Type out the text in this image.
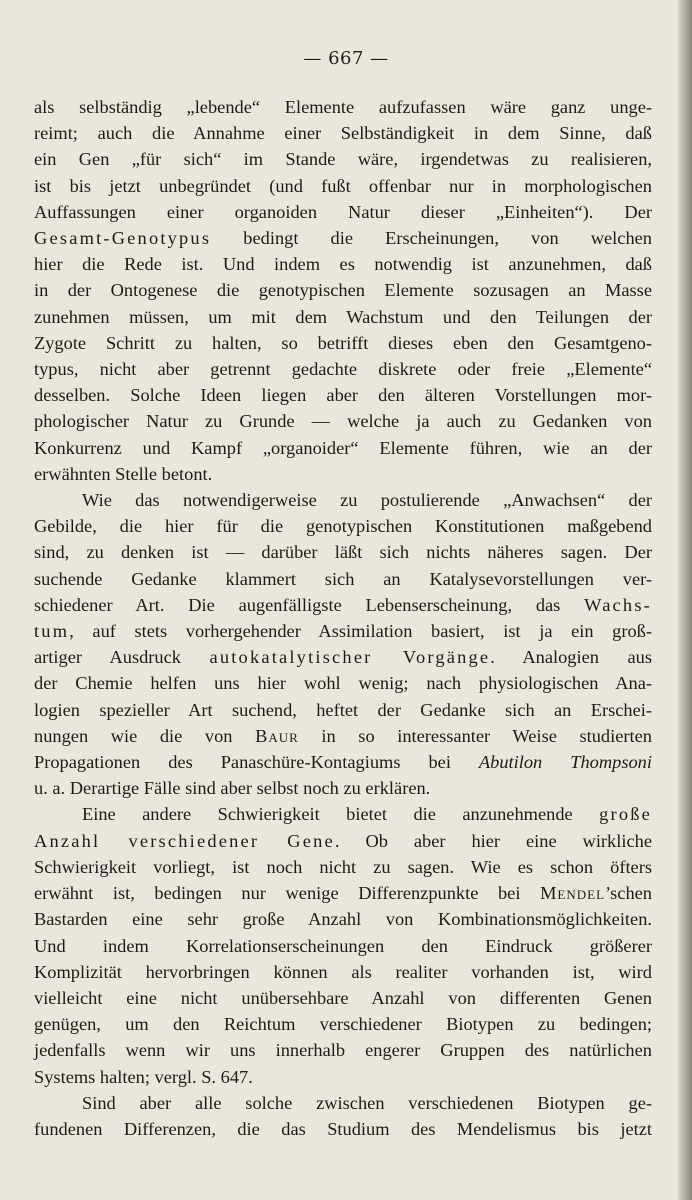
— 667 —

als selbständig „lebende“ Elemente aufzufassen wäre ganz unge-

reimt; auch die Annahme einer Selbständigkeit in dem Sinne, daß

ein Gen „für sich“ im Stande wäre, irgendetwas zu realisieren,

ist bis jetzt unbegründet (und fußt offenbar nur in morphologischen

Auffassungen einer organoiden Natur dieser „Einheiten“). Der

Gesamt-Genotypus bedingt die Erscheinungen, von welchen

hier die Rede ist. Und indem es notwendig ist anzunehmen, daß

in der Ontogenese die genotypischen Elemente sozusagen an Masse

zunehmen müssen, um mit dem Wachstum und den Teilungen der

Zygote Schritt zu halten, so betrifft dieses eben den Gesamtgeno-

typus, nicht aber getrennt gedachte diskrete oder freie „Elemente“

desselben. Solche Ideen liegen aber den älteren Vorstellungen mor-

phologischer Natur zu Grunde — welche ja auch zu Gedanken von

Konkurrenz und Kampf „organoider“ Elemente führen, wie an der

erwähnten Stelle betont.

Wie das notwendigerweise zu postulierende „Anwachsen“ der

Gebilde, die hier für die genotypischen Konstitutionen maßgebend

sind, zu denken ist — darüber läßt sich nichts näheres sagen. Der

suchende Gedanke klammert sich an Katalysevorstellungen ver-

schiedener Art. Die augenfälligste Lebenserscheinung, das Wachs-

tum, auf stets vorhergehender Assimilation basiert, ist ja ein groß-

artiger Ausdruck autokatalytischer Vorgänge. Analogien aus

der Chemie helfen uns hier wohl wenig; nach physiologischen Ana-

logien spezieller Art suchend, heftet der Gedanke sich an Erschei-

nungen wie die von Baur in so interessanter Weise studierten

Propagationen des Panaschüre-Kontagiums bei Abutilon Thompsoni

u. a. Derartige Fälle sind aber selbst noch zu erklären.

Eine andere Schwierigkeit bietet die anzunehmende große

Anzahl verschiedener Gene. Ob aber hier eine wirkliche

Schwierigkeit vorliegt, ist noch nicht zu sagen. Wie es schon öfters

erwähnt ist, bedingen nur wenige Differenzpunkte bei Mendel’schen

Bastarden eine sehr große Anzahl von Kombinationsmöglichkeiten.

Und indem Korrelationserscheinungen den Eindruck größerer

Komplizität hervorbringen können als realiter vorhanden ist, wird

vielleicht eine nicht unübersehbare Anzahl von differenten Genen

genügen, um den Reichtum verschiedener Biotypen zu bedingen;

jedenfalls wenn wir uns innerhalb engerer Gruppen des natürlichen

Systems halten; vergl. S. 647.

Sind aber alle solche zwischen verschiedenen Biotypen ge-

fundenen Differenzen, die das Studium des Mendelismus bis jetzt
